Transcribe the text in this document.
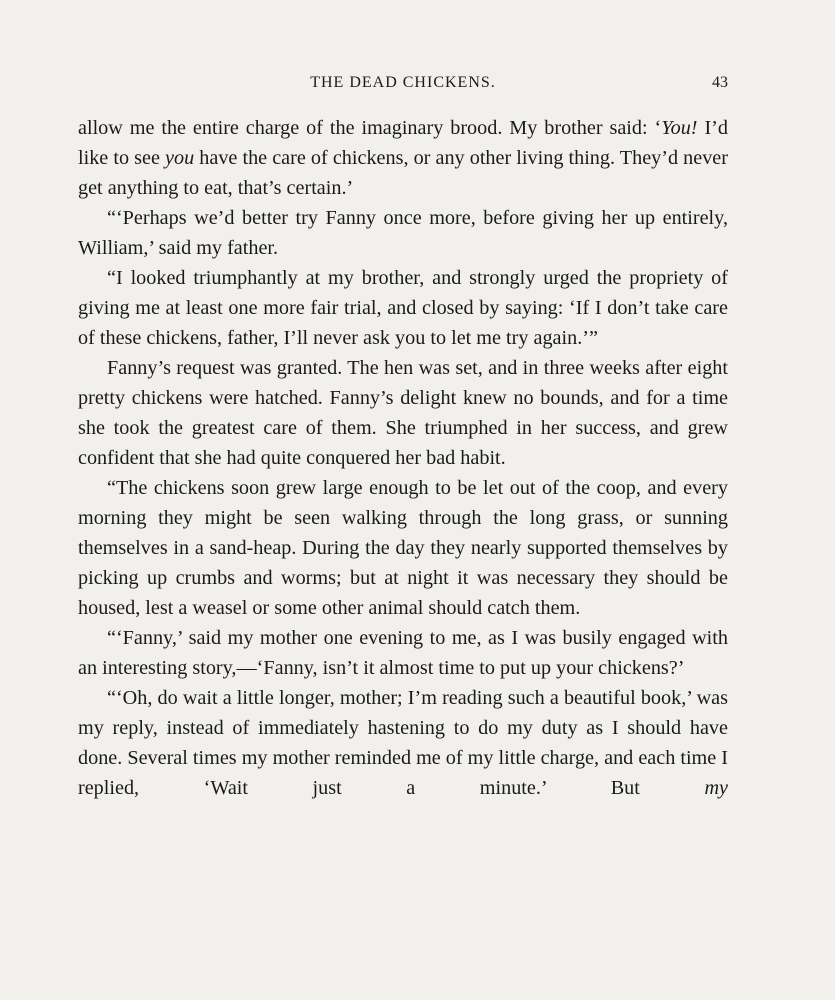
THE DEAD CHICKENS.	43

allow me the entire charge of the imaginary brood. My brother said: ‘You! I’d like to see you have the care of chickens, or any other living thing. They’d never get anything to eat, that’s certain.’

“‘Perhaps we’d better try Fanny once more, before giving her up entirely, William,’ said my father.

“I looked triumphantly at my brother, and strongly urged the propriety of giving me at least one more fair trial, and closed by saying: ‘If I don’t take care of these chickens, father, I’ll never ask you to let me try again.’”

Fanny’s request was granted. The hen was set, and in three weeks after eight pretty chickens were hatched. Fanny’s delight knew no bounds, and for a time she took the greatest care of them. She triumphed in her success, and grew confident that she had quite conquered her bad habit.

“The chickens soon grew large enough to be let out of the coop, and every morning they might be seen walking through the long grass, or sunning themselves in a sand-heap. During the day they nearly supported themselves by picking up crumbs and worms; but at night it was necessary they should be housed, lest a weasel or some other animal should catch them.

“‘Fanny,’ said my mother one evening to me, as I was busily engaged with an interesting story,—‘Fanny, isn’t it almost time to put up your chickens?’

“‘Oh, do wait a little longer, mother; I’m reading such a beautiful book,’ was my reply, instead of immediately hastening to do my duty as I should have done. Several times my mother reminded me of my little charge, and each time I replied, ‘Wait just a minute.’ But my
